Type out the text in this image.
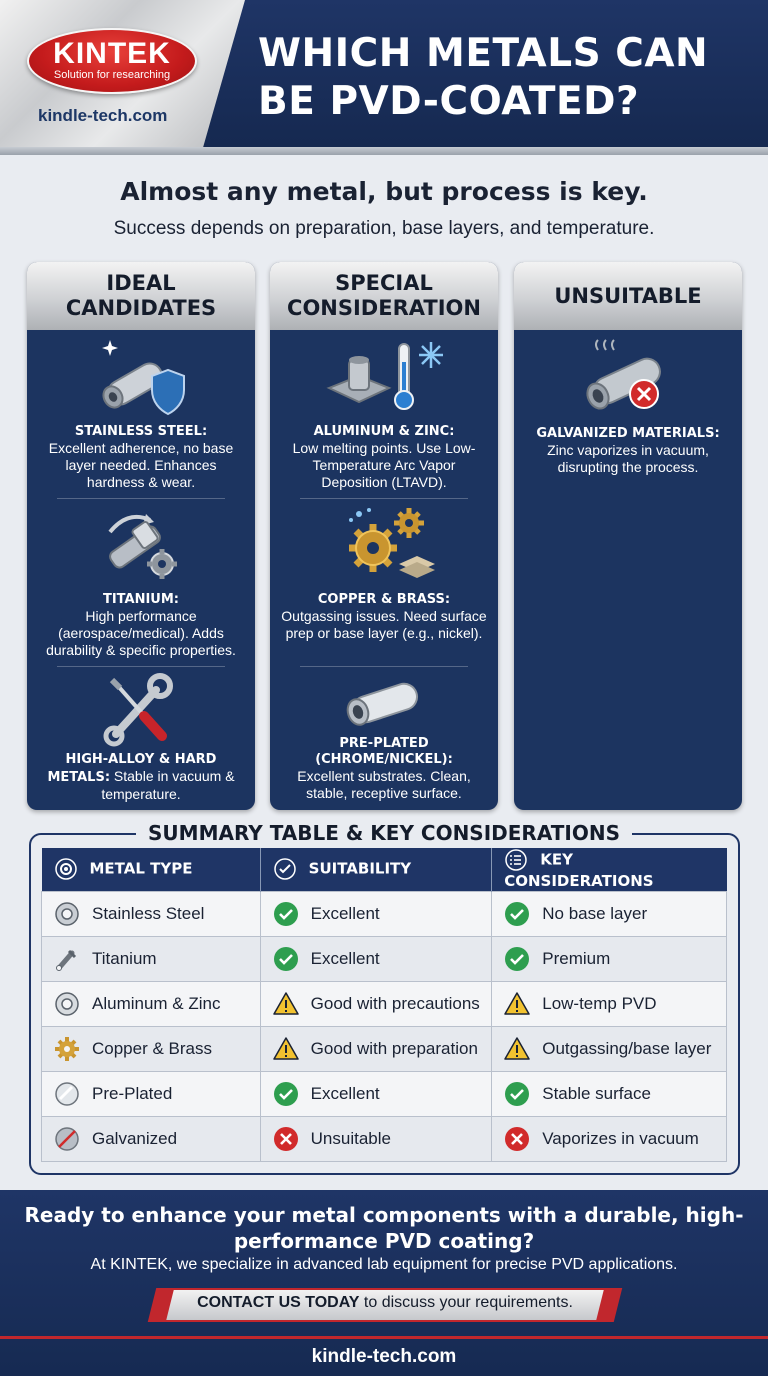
KINTEK
Solution for researching
kindle-tech.com
WHICH METALS CAN BE PVD-COATED?
Almost any metal, but process is key.
Success depends on preparation, base layers, and temperature.
IDEAL CANDIDATES
STAINLESS STEEL:
Excellent adherence, no base layer needed. Enhances hardness & wear.
TITANIUM:
High performance (aerospace/medical). Adds durability & specific properties.
HIGH-ALLOY & HARD METALS: Stable in vacuum & temperature.
SPECIAL CONSIDERATION
ALUMINUM & ZINC:
Low melting points. Use Low-Temperature Arc Vapor Deposition (LTAVD).
COPPER & BRASS:
Outgassing issues. Need surface prep or base layer (e.g., nickel).
PRE-PLATED (CHROME/NICKEL):
Excellent substrates. Clean, stable, receptive surface.
UNSUITABLE
GALVANIZED MATERIALS:
Zinc vaporizes in vacuum, disrupting the process.
SUMMARY TABLE & KEY CONSIDERATIONS
METAL TYPE	SUITABILITY	KEY CONSIDERATIONS

Stainless Steel	Excellent	No base layer

Titanium	Excellent	Premium

Aluminum & Zinc	Good with precautions	Low-temp PVD

Copper & Brass	Good with preparation	Outgassing/base layer

Pre-Plated	Excellent	Stable surface

Galvanized	Unsuitable	Vaporizes in vacuum
Ready to enhance your metal components with a durable, high-performance PVD coating?
At KINTEK, we specialize in advanced lab equipment for precise PVD applications.
CONTACT US TODAY to discuss your requirements.
kindle-tech.com
